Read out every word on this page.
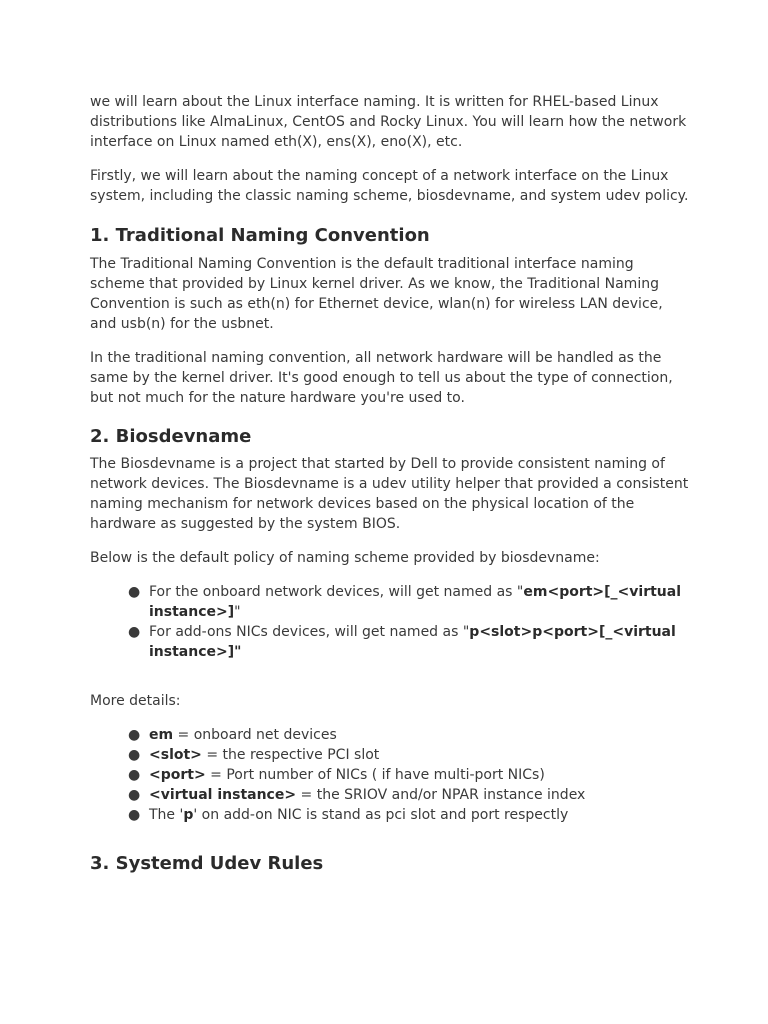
we will learn about the Linux interface naming. It is written for RHEL-based Linux distributions like AlmaLinux, CentOS and Rocky Linux. You will learn how the network interface on Linux named eth(X), ens(X), eno(X), etc.

Firstly, we will learn about the naming concept of a network interface on the Linux system, including the classic naming scheme, biosdevname, and system udev policy.

1. Traditional Naming Convention

The Traditional Naming Convention is the default traditional interface naming scheme that provided by Linux kernel driver. As we know, the Traditional Naming Convention is such as eth(n) for Ethernet device, wlan(n) for wireless LAN device, and usb(n) for the usbnet.

In the traditional naming convention, all network hardware will be handled as the same by the kernel driver. It's good enough to tell us about the type of connection, but not much for the nature hardware you're used to.

2. Biosdevname

The Biosdevname is a project that started by Dell to provide consistent naming of network devices. The Biosdevname is a udev utility helper that provided a consistent naming mechanism for network devices based on the physical location of the hardware as suggested by the system BIOS.

Below is the default policy of naming scheme provided by biosdevname:

● For the onboard network devices, will get named as "em<port>[_<virtual instance>]"
● For add-ons NICs devices, will get named as "p<slot>p<port>[_<virtual instance>]"

More details:

● em = onboard net devices
● <slot> = the respective PCI slot
● <port> = Port number of NICs ( if have multi-port NICs)
● <virtual instance> = the SRIOV and/or NPAR instance index
● The 'p' on add-on NIC is stand as pci slot and port respectly
3. Systemd Udev Rules
